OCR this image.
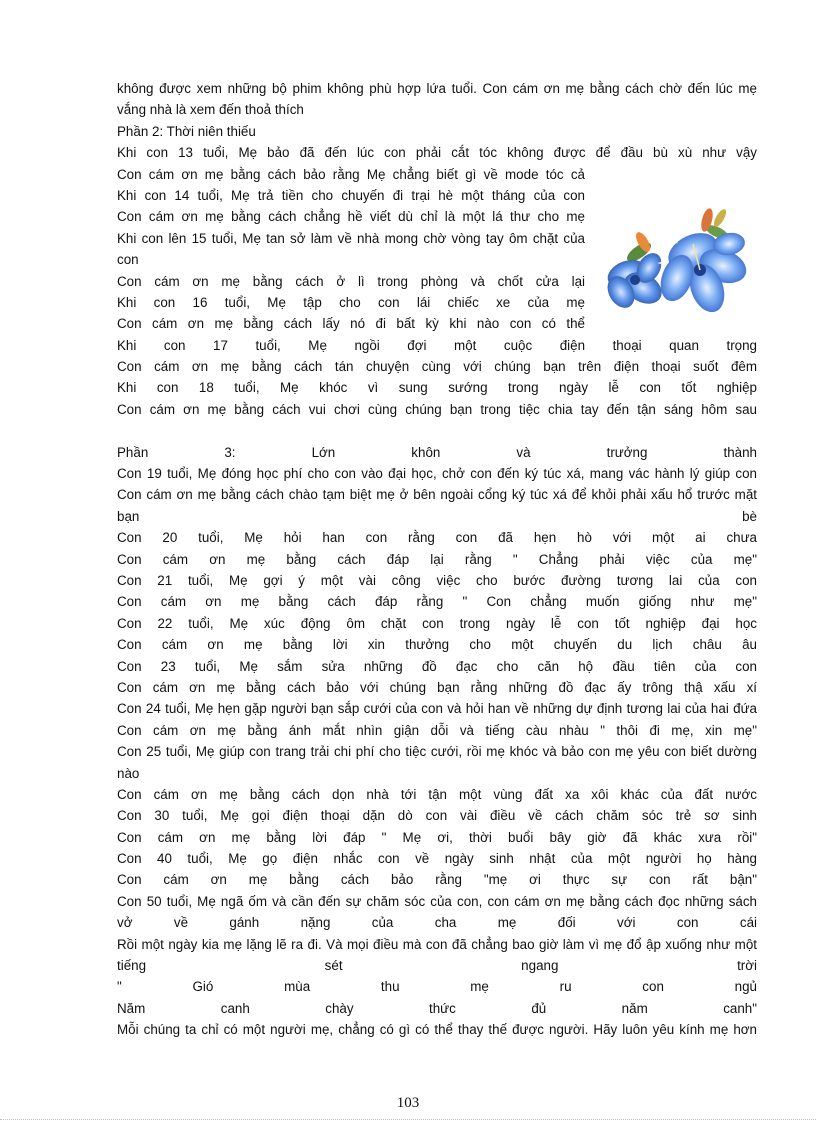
không được xem những bộ phim không phù hợp lứa tuổi. Con cám ơn mẹ bằng cách chờ đến lúc mẹ
vắng nhà là xem đến thoả thích
Phần 2: Thời niên thiếu
Khi con 13 tuổi, Mẹ bảo đã đến lúc con phải cắt tóc không được để đầu bù xù như vậy
Con cám ơn mẹ bằng cách bảo rằng Mẹ chẳng biết gì về mode tóc cả
Khi con 14 tuổi, Mẹ trả tiền cho chuyến đi trại hè một tháng của con
Con cám ơn mẹ bằng cách chẳng hề viết dù chỉ là một lá thư cho mẹ
Khi con lên 15 tuổi, Mẹ tan sở làm về nhà mong chờ vòng tay ôm chặt của
con
Con cám ơn mẹ bằng cách ở lì trong phòng và chốt cửa lại
Khi con 16 tuổi, Mẹ tập cho con lái chiếc xe của mẹ
Con cám ơn mẹ bằng cách lấy nó đi bất kỳ khi nào con có thể
Khi con 17 tuổi, Mẹ ngồi đợi một cuộc điện thoại quan trọng
Con cám ơn mẹ bằng cách tán chuyện cùng với chúng bạn trên điện thoại suốt đêm
Khi con 18 tuổi, Mẹ khóc vì sung sướng trong ngày lễ con tốt nghiệp
Con cám ơn mẹ bằng cách vui chơi cùng chúng bạn trong tiệc chia tay đến tận sáng hôm sau
Phần 3: Lớn khôn và trưởng thành
Con 19 tuổi, Mẹ đóng học phí cho con vào đại học, chở con đến ký túc xá, mang vác hành lý giúp con
Con cám ơn mẹ bằng cách chào tạm biệt mẹ ở bên ngoài cổng ký túc xá để khỏi phải xấu hổ trước mặt
bạn bè
Con 20 tuổi, Mẹ hỏi han con rằng con đã hẹn hò với một ai chưa
Con cám ơn mẹ bằng cách đáp lại rằng " Chẳng phải việc của mẹ"
Con 21 tuổi, Mẹ gợi ý một vài công việc cho bước đường tương lai của con
Con cám ơn mẹ bằng cách đáp rằng " Con chẳng muốn giống như mẹ"
Con 22 tuổi, Mẹ xúc động ôm chặt con trong ngày lễ con tốt nghiệp đại học
Con cám ơn mẹ bằng lời xin thưởng cho một chuyến du lịch châu âu
Con 23 tuổi, Mẹ sắm sửa những đồ đạc cho căn hộ đầu tiên của con
Con cám ơn mẹ bằng cách bảo với chúng bạn rằng những đồ đạc ấy trông thậ xấu xí
Con 24 tuổi, Mẹ hẹn gặp người bạn sắp cưới của con và hỏi han về những dự định tương lai của hai đứa
Con cám ơn mẹ bằng ánh mắt nhìn giận dỗi và tiếng càu nhàu " thôi đi mẹ, xin mẹ"
Con 25 tuổi, Mẹ giúp con trang trải chi phí cho tiệc cưới, rồi mẹ khóc và bảo con mẹ yêu con biết dường
nào
Con cám ơn mẹ bằng cách dọn nhà tới tận một vùng đất xa xôi khác của đất nước
Con 30 tuổi, Mẹ gọi điện thoại dặn dò con vài điều về cách chăm sóc trẻ sơ sinh
Con cám ơn mẹ bằng lời đáp " Mẹ ơi, thời buổi bây giờ đã khác xưa rồi"
Con 40 tuổi, Mẹ gọ điện nhắc con về ngày sinh nhật của một người họ hàng
Con cám ơn mẹ bằng cách bảo rằng "mẹ ơi thực sự con rất bận"
Con 50 tuổi, Mẹ ngã ốm và cần đến sự chăm sóc của con, con cám ơn mẹ bằng cách đọc những sách
vở về gánh nặng của cha mẹ đối với con cái
Rồi một ngày kia mẹ lặng lẽ ra đi. Và mọi điều mà con đã chẳng bao giờ làm vì mẹ đổ ập xuống như một
tiếng sét ngang trời
" Gió mùa thu mẹ ru con ngủ
Năm canh chày thức đủ năm canh"
Mỗi chúng ta chỉ có một người mẹ, chẳng có gì có thể thay thế được người. Hãy luôn yêu kính mẹ hơn
103
